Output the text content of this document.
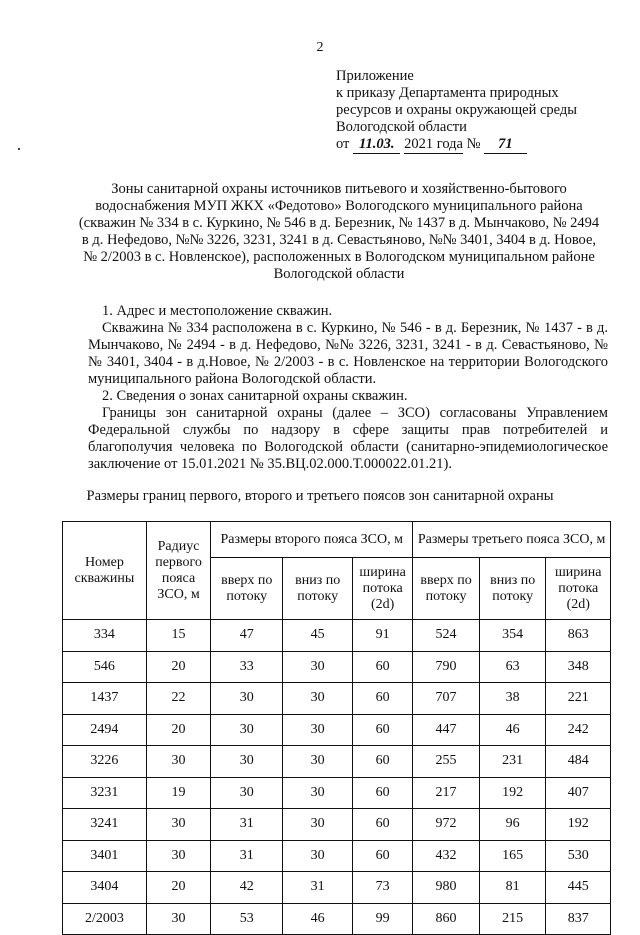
2
Приложение
к приказу Департамента природных
ресурсов и охраны окружающей среды
Вологодской области
от 11.03. 2021 года № 71
Зоны санитарной охраны источников питьевого и хозяйственно-бытового
водоснабжения МУП ЖКХ «Федотово» Вологодского муниципального района
(скважин № 334 в с. Куркино, № 546 в д. Березник, № 1437 в д. Мынчаково, № 2494
в д. Нефедово, №№ 3226, 3231, 3241 в д. Севастьяново, №№ 3401, 3404 в д. Новое,
№ 2/2003 в с. Новленское), расположенных в Вологодском муниципальном районе
Вологодской области

1. Адрес и местоположение скважин.

Скважина № 334 расположена в с. Куркино, № 546 - в д. Березник, № 1437 - в д. Мынчаково, № 2494 - в д. Нефедово, №№ 3226, 3231, 3241 - в д. Севастьяново, №№ 3401, 3404 - в д.Новое, № 2/2003 - в с. Новленское на территории Вологодского муниципального района Вологодской области.

2. Сведения о зонах санитарной охраны скважин.

Границы зон санитарной охраны (далее – ЗСО) согласованы Управлением Федеральной службы по надзору в сфере защиты прав потребителей и благополучия человека по Вологодской области (санитарно-эпидемиологическое заключение от 15.01.2021 № 35.ВЦ.02.000.Т.000022.01.21).

Размеры границ первого, второго и третьего поясов зон санитарной охраны
Номер скважины	Радиус первого пояса ЗСО, м	Размеры второго пояса ЗСО, м			Размеры третьего пояса ЗСО, м		
		вверх по потоку	вниз по потоку	ширина потока (2d)	вверх по потоку	вниз по потоку	ширина потока (2d)
334	15	47	45	91	524	354	863
546	20	33	30	60	790	63	348
1437	22	30	30	60	707	38	221
2494	20	30	30	60	447	46	242
3226	30	30	30	60	255	231	484
3231	19	30	30	60	217	192	407
3241	30	31	30	60	972	96	192
3401	30	31	30	60	432	165	530
3404	20	42	31	73	980	81	445
2/2003	30	53	46	99	860	215	837
